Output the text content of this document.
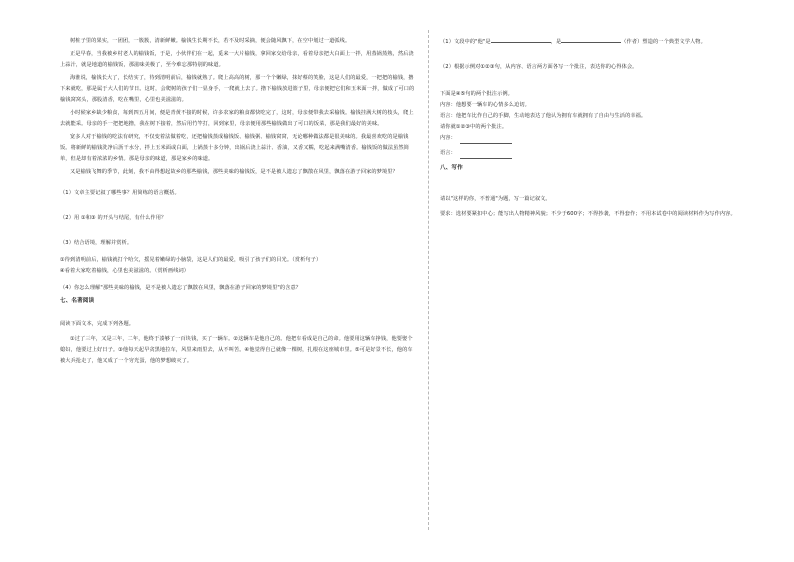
树桩子里的果实，一团团，一簇簇，清新鲜嫩。榆钱生长期不长，若不及时采摘，便会随风飘下，在空中划过一道弧线。

正是早春，当我被乡村老人的榆钱饭，于是，小伙伴们在一起，觅来一大片榆钱，拿回家交给母亲，看着母亲把大白面上一拌，用蒸锅蒸熟，然后浇上蒜汁，就是地道的榆钱饭，那滋味美极了，至今难忘那特别的味道。

海淮说，榆钱长大了，长结实了，待到清明前后，榆钱就熟了。爬上高高的树，那一个个嫩绿，抹好蔡的笑脸，这是人们的最爱，一把把的榆钱，撸下来就吃，那是属于大人们的节日。这时，会爬树的孩子们一显身手，一爬就上去了。撸下榆钱放进篮子里，母亲便把它们和玉米面一拌，做成了可口的榆钱窝窝头，那股清香，吃在嘴里，心里也美滋滋的。

小时候家乡缺少粮食，每到四五月间，便是青黄不接的时候，许多农家的粮食都快吃完了，这时，母亲便带我去采榆钱。榆钱挂满大树的枝头，爬上去就能采。母亲的手一把把地撸，我在树下接着，然后用竹竿打，回到家里，母亲便用那些榆钱做出了可口的饭菜，那是我们最好的美味。

宽多人对于榆钱的吃法有研究，不仅变着法做着吃，还把榆钱蒸成榆钱饭、榆钱粥、榆钱窝窝，无论哪种做法都是很美味的。我最喜欢吃的是榆钱饭。将新鲜的榆钱洗净后沥干水分，拌上玉米面或白面，上锅蒸十多分钟，出锅后浇上蒜汁、香油，又香又糯，吃起来满嘴清香。榆钱饭的做法虽然简单，但是却有着浓浓的乡情。那是母亲的味道，那是家乡的味道。

又是榆钱飞舞的季节，此刻，我不由得想起故乡的那些榆钱，那些美味的榆钱饭，是不是被人遗忘了飘散在风里，飘落在游子回家的梦境里？

（1）文章主要记叙了哪些事？用简练的语言概括。

（2）用 ①和③ 的开头与结尾，有什么作用？

（3）结合语境，理解并赏析。

①待到清明前后，榆钱就打个哈欠，摇晃着嫩绿的小脑袋，这是人们的最爱，吸引了孩子们的目光。（赏析句子）

④看着大家吃着榆钱，心里也美滋滋的。（赏析画线词）

（4）你怎么理解"那些美味的榆钱，是不是被人遗忘了飘散在风里，飘落在游子回家的梦境里"的含意？

七、名著阅读

阅读下面文本，完成下列各题。

①过了三年，又是三年，二年，他终于凑够了一百块钱，买了一辆车。②这辆车是他自己的。他把车看成是自己的命。他要用这辆车挣钱，他要娶个媳妇，他要过上好日子。③他每天起早贪黑地拉车，风里来雨里去，从不叫苦。④他觉得自己就像一棵树，扎根在这座城市里。⑤可是好景不长，他的车被大兵抢走了，他又成了一个穷光蛋，他的梦想破灭了。

（1）文段中的"他"是	，是	（作者）塑造的一个典型文学人物。

（2）根据示例对①②③句，从内容、语言两方面各写一个批注，表达你的心得体会。

下面是④⑤句的两个批注示例。

内容：他想要一辆车的心情多么迫切。

语言：他把车比作自己的手脚，生动地表达了他认为拥有车就拥有了自由与生活的幸福。

请你就①②③中的两个批注。

内容：

语言：

八、写作

请以"这样的你，不普通"为题，写一篇记叙文。

要求：选材要紧扣中心；能写出人物精神风貌；不少于600字；不得抄袭，不得套作；不用本试卷中的阅读材料作为写作内容。
